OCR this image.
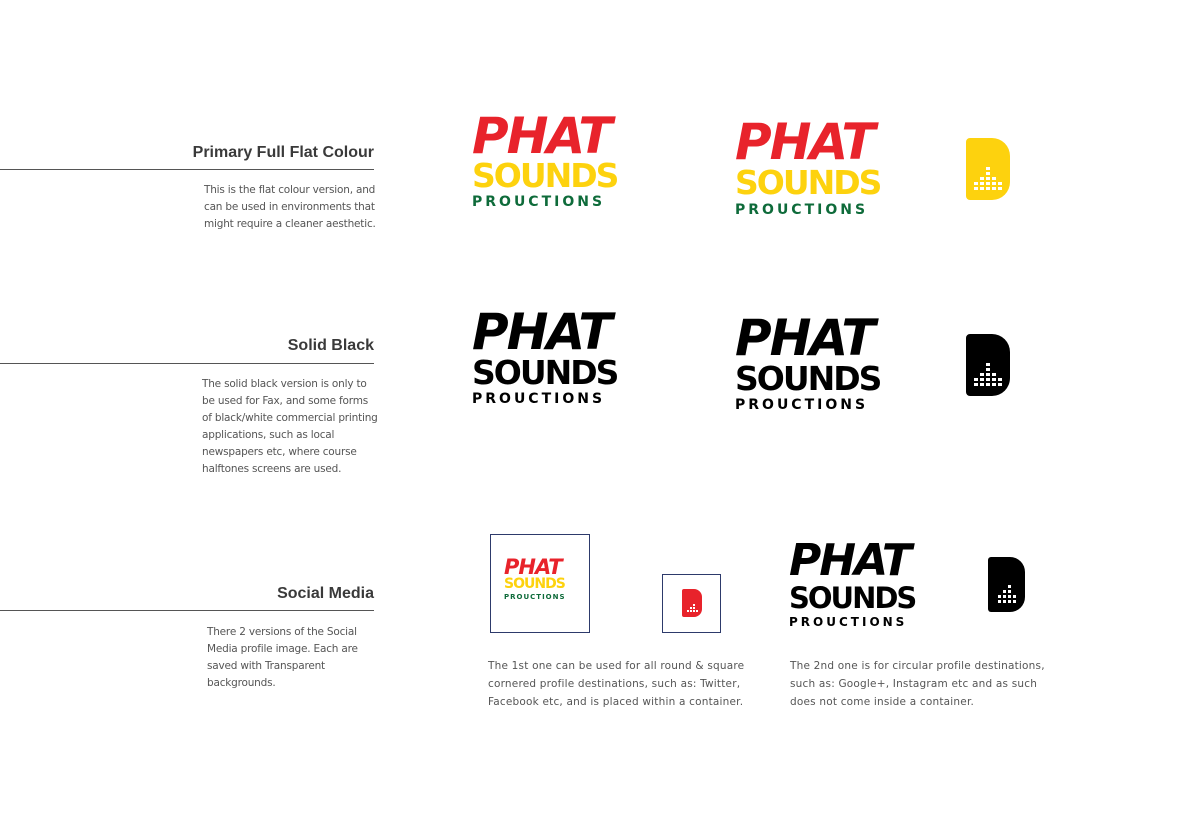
Primary Full Flat Colour
This is the flat colour version, and
can be used in environments that
might require a cleaner aesthetic.
Solid Black
The solid black version is only to
be used for Fax, and some forms
of black/white commercial printing
applications, such as local
newspapers etc, where course
halftones screens are used.
Social Media
There 2 versions of the Social
Media profile image. Each are
saved with Transparent
backgrounds.
PHAT
SOUNDS
PROUCTIONS
PHAT
SOUNDS
PROUCTIONS
PHAT
SOUNDS
PROUCTIONS
PHAT
SOUNDS
PROUCTIONS
PHAT
SOUNDS
PROUCTIONS
PHAT
SOUNDS
PROUCTIONS
The 1st one can be used for all round & square
cornered profile destinations, such as: Twitter,
Facebook etc, and is placed within a container.
The 2nd one is for circular profile destinations,
such as: Google+, Instagram etc and as such
does not come inside a container.
